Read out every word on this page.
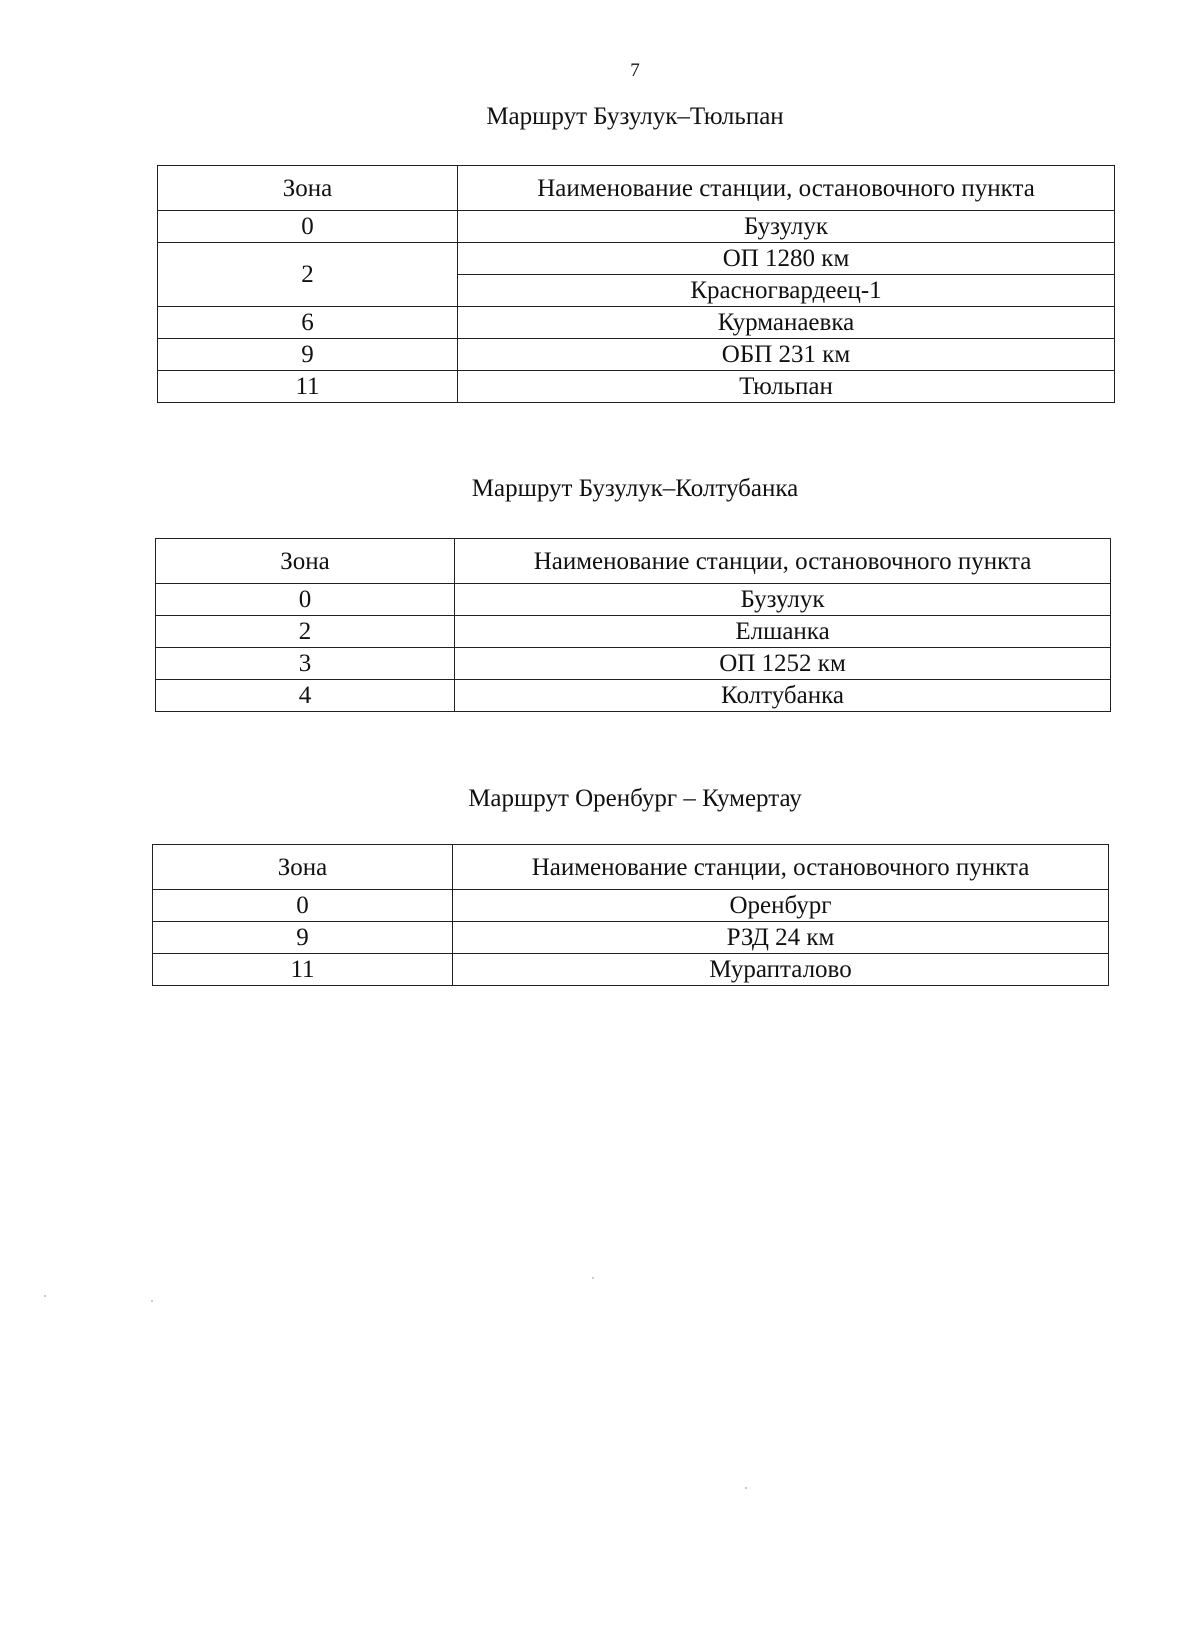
7
Маршрут Бузулук–Тюльпан
Зона	Наименование станции, остановочного пункта
0	Бузулук
2	ОП 1280 км
	Красногвардеец-1
6	Курманаевка
9	ОБП 231 км
11	Тюльпан
Маршрут Бузулук–Колтубанка
Зона	Наименование станции, остановочного пункта
0	Бузулук
2	Елшанка
3	ОП 1252 км
4	Колтубанка
Маршрут Оренбург – Кумертау
Зона	Наименование станции, остановочного пункта
0	Оренбург
9	РЗД 24 км
11	Мурапталово
